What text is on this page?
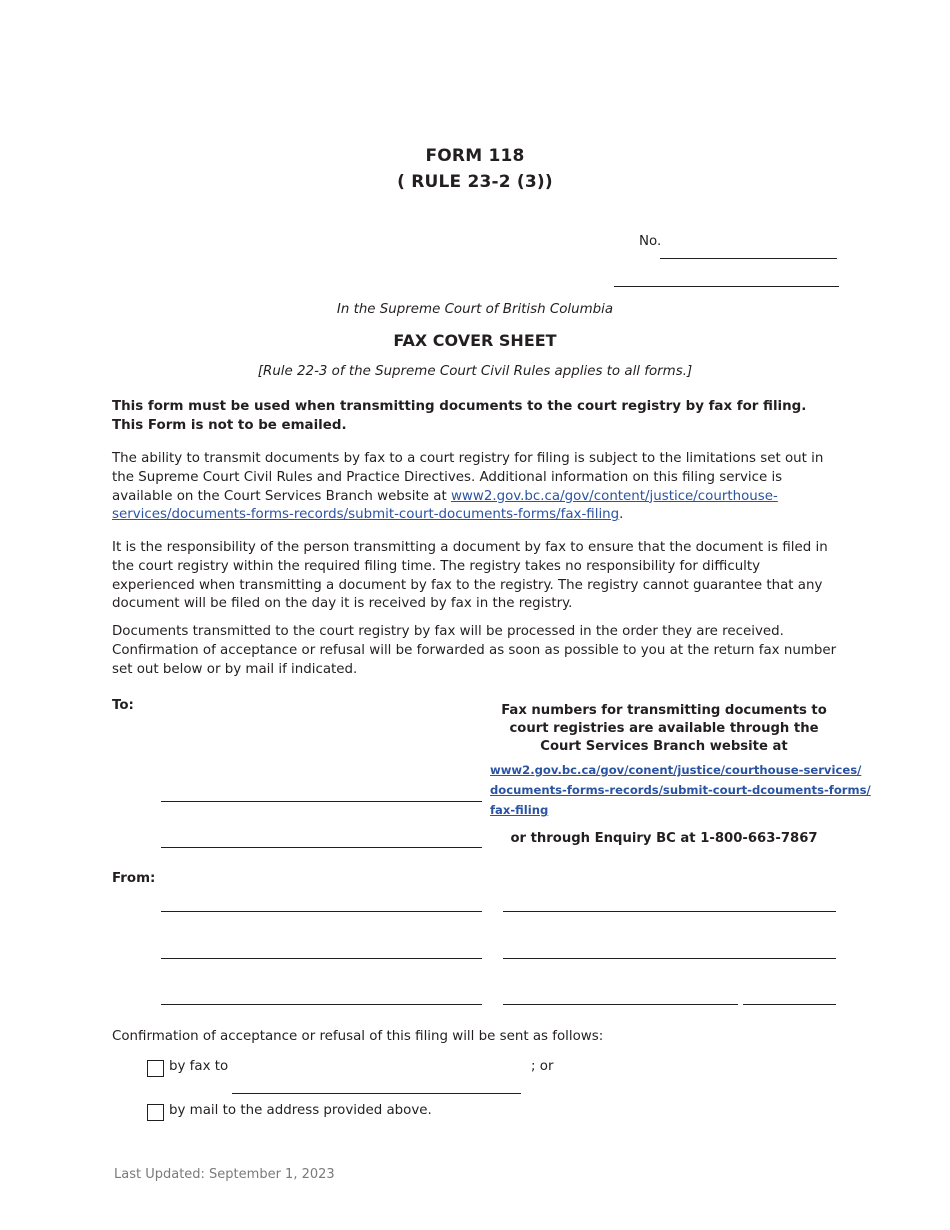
FORM 118
( RULE 23-2 (3))
No.
In the Supreme Court of British Columbia
FAX COVER SHEET
[Rule 22-3 of the Supreme Court Civil Rules applies to all forms.]
This form must be used when transmitting documents to the court registry by fax for filing.
This Form is not to be emailed.
The ability to transmit documents by fax to a court registry for filing is subject to the limitations set out in the Supreme Court Civil Rules and Practice Directives. Additional information on this filing service is available on the Court Services Branch website at www2.gov.bc.ca/gov/content/justice/courthouse-services/documents-forms-records/submit-court-documents-forms/fax-filing.
It is the responsibility of the person transmitting a document by fax to ensure that the document is filed in the court registry within the required filing time. The registry takes no responsibility for difficulty experienced when transmitting a document by fax to the registry. The registry cannot guarantee that any document will be filed on the day it is received by fax in the registry.
Documents transmitted to the court registry by fax will be processed in the order they are received. Confirmation of acceptance or refusal will be forwarded as soon as possible to you at the return fax number set out below or by mail if indicated.
To:	Fax numbers for transmitting documents to
court registries are available through the
Court Services Branch website at
www2.gov.bc.ca/gov/conent/justice/courthouse-services/
documents-forms-records/submit-court-dcouments-forms/
fax-filing
or through Enquiry BC at 1-800-663-7867
From:
Confirmation of acceptance or refusal of this filing will be sent as follows:
by fax to	; or
by mail to the address provided above.
Last Updated: September 1, 2023
